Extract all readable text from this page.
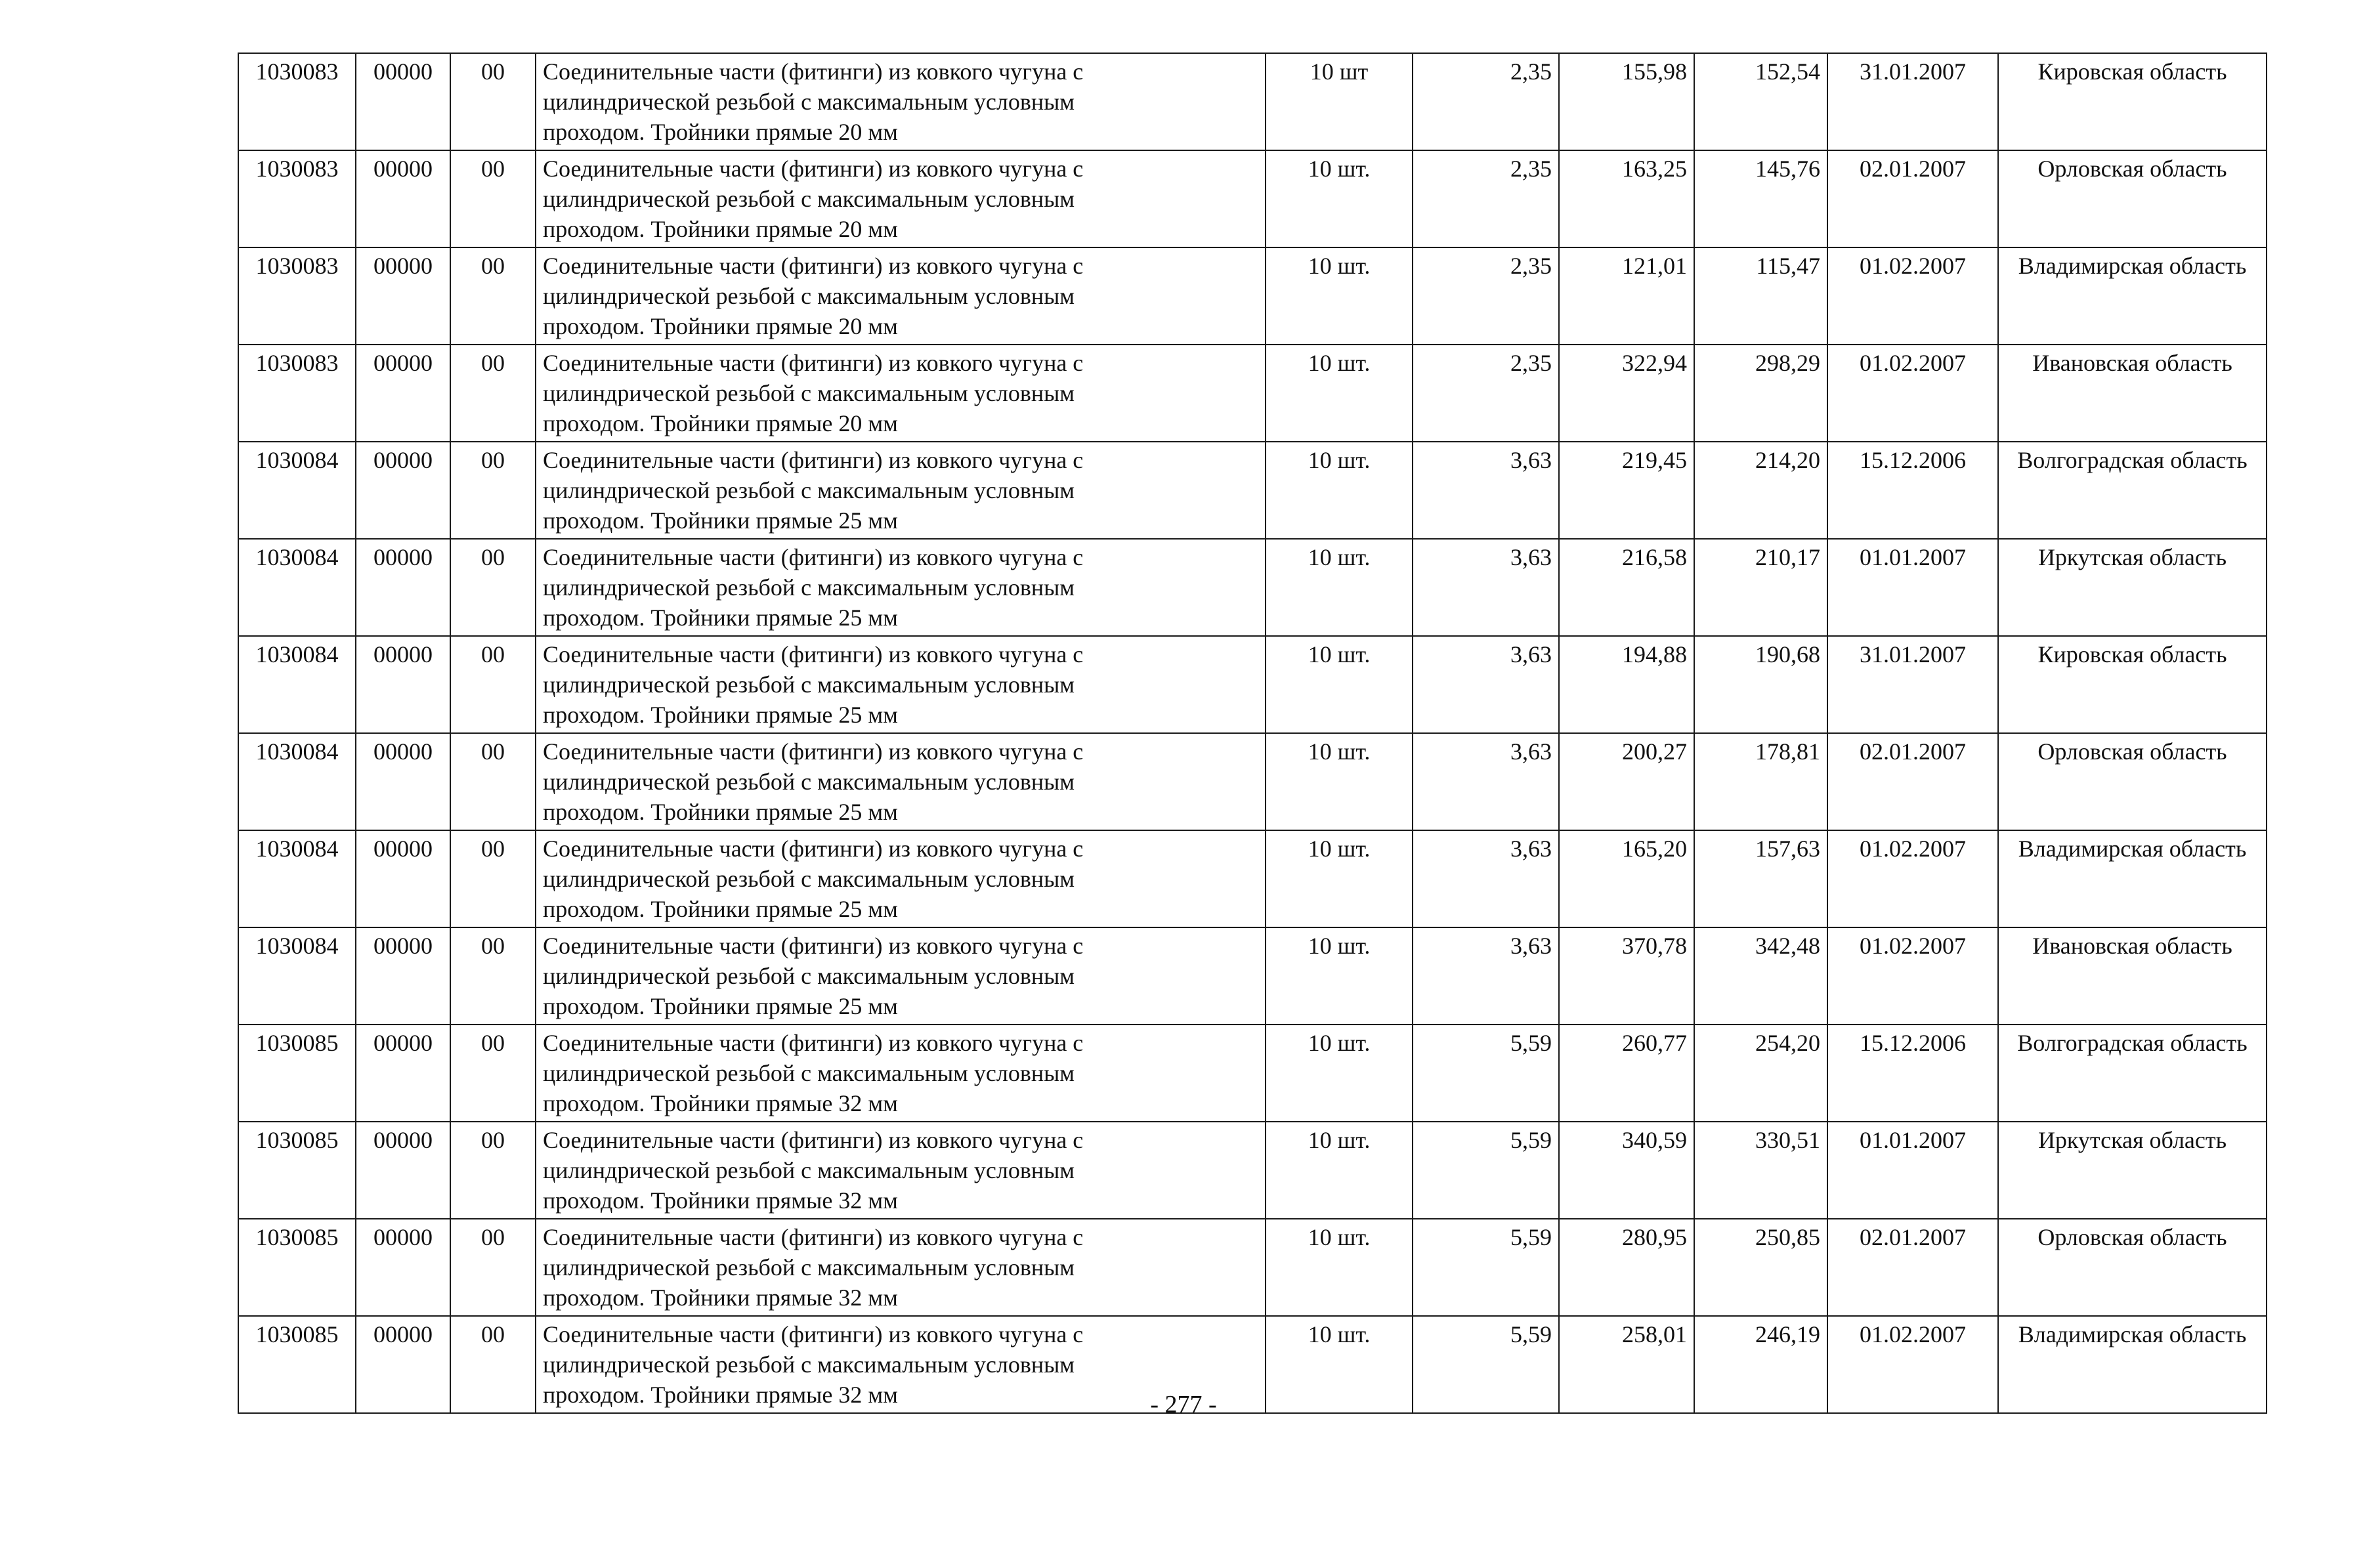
1030083	00000	00	Соединительные части (фитинги) из ковкого чугуна с
цилиндрической резьбой с максимальным условным
проходом. Тройники прямые 20 мм	10 шт	2,35	155,98	152,54	31.01.2007	Кировская область
1030083	00000	00	Соединительные части (фитинги) из ковкого чугуна с
цилиндрической резьбой с максимальным условным
проходом. Тройники прямые 20 мм	10 шт.	2,35	163,25	145,76	02.01.2007	Орловская область
1030083	00000	00	Соединительные части (фитинги) из ковкого чугуна с
цилиндрической резьбой с максимальным условным
проходом. Тройники прямые 20 мм	10 шт.	2,35	121,01	115,47	01.02.2007	Владимирская область
1030083	00000	00	Соединительные части (фитинги) из ковкого чугуна с
цилиндрической резьбой с максимальным условным
проходом. Тройники прямые 20 мм	10 шт.	2,35	322,94	298,29	01.02.2007	Ивановская область
1030084	00000	00	Соединительные части (фитинги) из ковкого чугуна с
цилиндрической резьбой с максимальным условным
проходом. Тройники прямые 25 мм	10 шт.	3,63	219,45	214,20	15.12.2006	Волгоградская область
1030084	00000	00	Соединительные части (фитинги) из ковкого чугуна с
цилиндрической резьбой с максимальным условным
проходом. Тройники прямые 25 мм	10 шт.	3,63	216,58	210,17	01.01.2007	Иркутская область
1030084	00000	00	Соединительные части (фитинги) из ковкого чугуна с
цилиндрической резьбой с максимальным условным
проходом. Тройники прямые 25 мм	10 шт.	3,63	194,88	190,68	31.01.2007	Кировская область
1030084	00000	00	Соединительные части (фитинги) из ковкого чугуна с
цилиндрической резьбой с максимальным условным
проходом. Тройники прямые 25 мм	10 шт.	3,63	200,27	178,81	02.01.2007	Орловская область
1030084	00000	00	Соединительные части (фитинги) из ковкого чугуна с
цилиндрической резьбой с максимальным условным
проходом. Тройники прямые 25 мм	10 шт.	3,63	165,20	157,63	01.02.2007	Владимирская область
1030084	00000	00	Соединительные части (фитинги) из ковкого чугуна с
цилиндрической резьбой с максимальным условным
проходом. Тройники прямые 25 мм	10 шт.	3,63	370,78	342,48	01.02.2007	Ивановская область
1030085	00000	00	Соединительные части (фитинги) из ковкого чугуна с
цилиндрической резьбой с максимальным условным
проходом. Тройники прямые 32 мм	10 шт.	5,59	260,77	254,20	15.12.2006	Волгоградская область
1030085	00000	00	Соединительные части (фитинги) из ковкого чугуна с
цилиндрической резьбой с максимальным условным
проходом. Тройники прямые 32 мм	10 шт.	5,59	340,59	330,51	01.01.2007	Иркутская область
1030085	00000	00	Соединительные части (фитинги) из ковкого чугуна с
цилиндрической резьбой с максимальным условным
проходом. Тройники прямые 32 мм	10 шт.	5,59	280,95	250,85	02.01.2007	Орловская область
1030085	00000	00	Соединительные части (фитинги) из ковкого чугуна с
цилиндрической резьбой с максимальным условным
проходом. Тройники прямые 32 мм	10 шт.	5,59	258,01	246,19	01.02.2007	Владимирская область
- 277 -
